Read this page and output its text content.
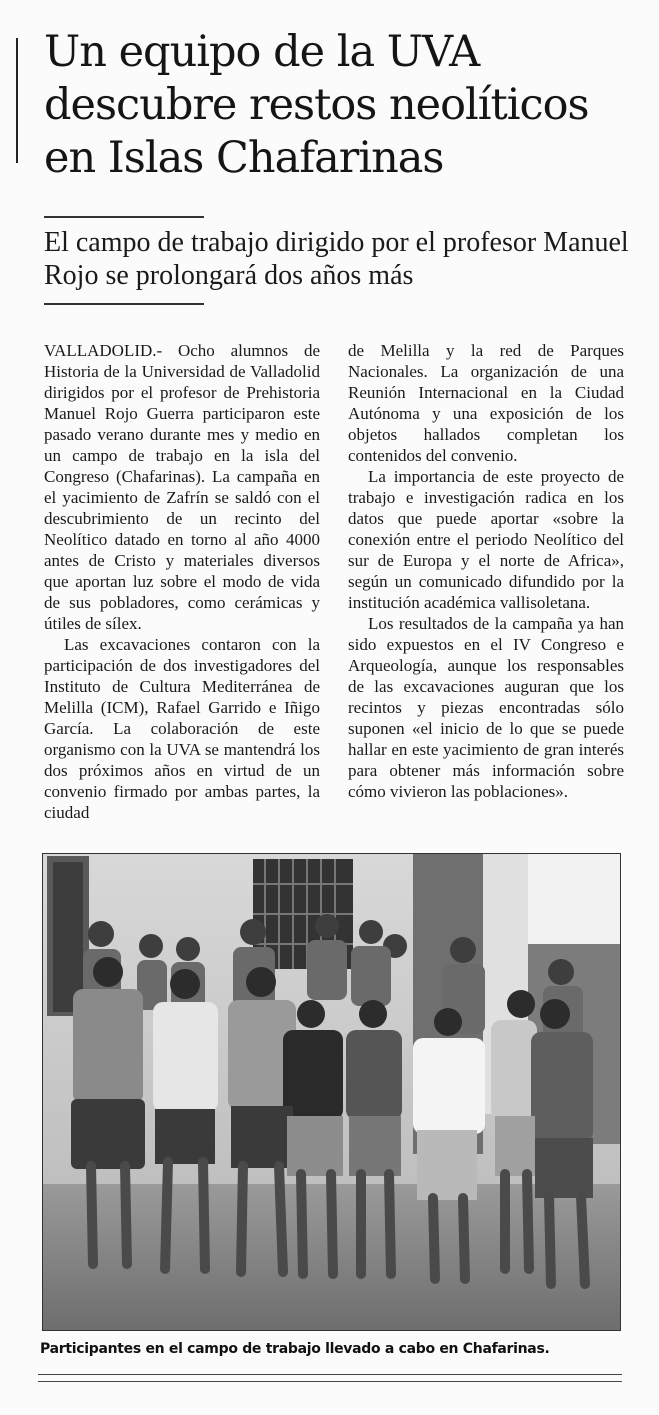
Un equipo de la UVA descubre restos neolíticos en Islas Chafarinas
El campo de trabajo dirigido por el profesor Manuel Rojo se prolongará dos años más

VALLADOLID.- Ocho alumnos de Historia de la Universidad de Valladolid dirigidos por el profesor de Prehistoria Manuel Rojo Guerra participaron este pasado verano durante mes y medio en un campo de trabajo en la isla del Congreso (Chafarinas). La campaña en el yacimiento de Zafrín se saldó con el descubrimiento de un recinto del Neolítico datado en torno al año 4000 antes de Cristo y materiales diversos que aportan luz sobre el modo de vida de sus pobladores, como cerámicas y útiles de sílex.

Las excavaciones contaron con la participación de dos investigadores del Instituto de Cultura Mediterránea de Melilla (ICM), Rafael Garrido e Iñigo García. La colaboración de este organismo con la UVA se mantendrá los dos próximos años en virtud de un convenio firmado por ambas partes, la ciudad

de Melilla y la red de Parques Nacionales. La organización de una Reunión Internacional en la Ciudad Autónoma y una exposición de los objetos hallados completan los contenidos del convenio.

La importancia de este proyecto de trabajo e investigación radica en los datos que puede aportar «sobre la conexión entre el periodo Neolítico del sur de Europa y el norte de Africa», según un comunicado difundido por la institución académica vallisoletana.

Los resultados de la campaña ya han sido expuestos en el IV Congreso e Arqueología, aunque los responsables de las excavaciones auguran que los recintos y piezas encontradas sólo suponen «el inicio de lo que se puede hallar en este yacimiento de gran interés para obtener más información sobre cómo vivieron las poblaciones».

Participantes en el campo de trabajo llevado a cabo en Chafarinas.
